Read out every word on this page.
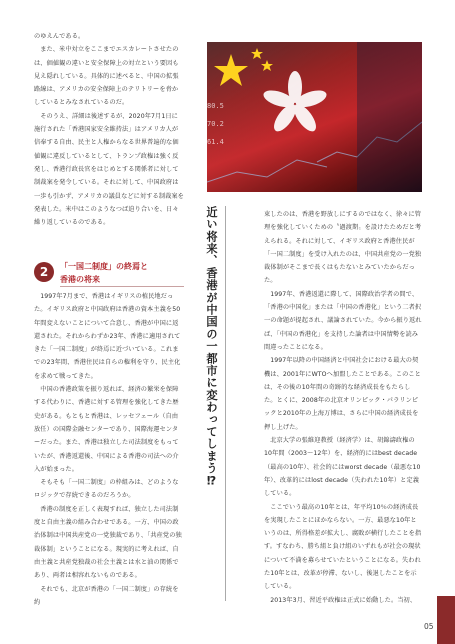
のゆえんである。

また、米中対立をここまでエスカレートさせたのは、価値観の違いと安全保障上の対立という要因も見え隠れしている。具体的に述べると、中国の拡張路線は、アメリカの安全保障上のテリトリーを脅かしているとみなされているのだ。

そのうえ、詳細は後述するが、2020年7月1日に施行された「香港国家安全維持法」はアメリカ人が信奉する自由、民主と人権からなる世界普遍的な価値観に違反しているとして、トランプ政権は強く反発し、香港行政長官をはじめとする関係者に対して制裁案を発令している。それに対して、中国政府は一歩も引かず、アメリカの議員などに対する制裁案を発表した。米中はこのようなつば迫り合いを、日々繰り返しているのである。

80.5
70.2
61.4
2	「一国二制度」の終焉と
香港の将来

1997年7月まで、香港はイギリスの植民地だった。イギリス政府と中国政府は香港の資本主義を50年間変えないことについて合意し、香港が中国に返還された。それからわずか23年、香港に適用されてきた「一国二制度」が終焉に近づいている。これまでの23年間、香港住民は自らの権利を守り、民主化を求めて戦ってきた。

中国の香港政策を振り返れば、経済の繁栄を保障する代わりに、香港に対する管理を強化してきた歴史がある。もともと香港は、レッセフェール（自由放任）の国際金融センターであり、国際海運センターだった。また、香港は独立した司法制度をもっていたが、香港返還後、中国による香港の司法への介入が始まった。

そもそも「一国二制度」の枠組みは、どのようなロジックで存続できるのだろうか。

香港の制度を正しく表現すれば、独立した司法制度と自由主義の組み合わせである。一方、中国の政治体制は中国共産党の一党独裁であり、「共産党の独裁体制」ということになる。現実的に考えれば、自由主義と共産党独裁の社会主義とは水と油の関係であり、両者は相容れないものである。

それでも、北京が香港の「一国二制度」の存続を約

近い将来、香港が中国の一都市に変わってしまう⁉	束したのは、香港を野放しにするのではなく、徐々に管理を強化していくための〝過渡期〟を設けたためだと考えられる。それに対して、イギリス政府と香港住民が「一国二制度」を受け入れたのは、中国共産党の一党独裁体制がそこまで長くはもたないとみていたからだった。

1997年、香港返還に際して、国際政治学者の間で、「香港の中国化」または「中国の香港化」という二者択一の命題が提起され、議論されていた。今から振り返れば、「中国の香港化」を支持した論者は中国情勢を読み間違ったことになる。

1997年以降の中国経済と中国社会における最大の契機は、2001年にWTOへ加盟したことである。このことは、その後の10年間の奇跡的な経済成長をもたらした。とくに、2008年の北京オリンピック・パラリンピックと2010年の上海万博は、さらに中国の経済成長を押し上げた。

北京大学の張維迎教授（経済学）は、胡錦濤政権の10年間（2003〜12年）を、経済的にはbest decade（最高の10年）、社会的にはworst decade（最悪な10年）、改革的にはlost decade（失われた10年）と定義している。

ここでいう最高の10年とは、年平均10％の経済成長を実現したことにほかならない。一方、最悪な10年というのは、所得格差が拡大し、腐敗が横行したことを指す。すなわち、勝ち組と負け組のいずれもが社会の現状について不満を募らせていたということになる。失われた10年とは、改革が停滞、ないし、後退したことを示している。

2013年3月、習近平政権は正式に始動した。当初、

05
